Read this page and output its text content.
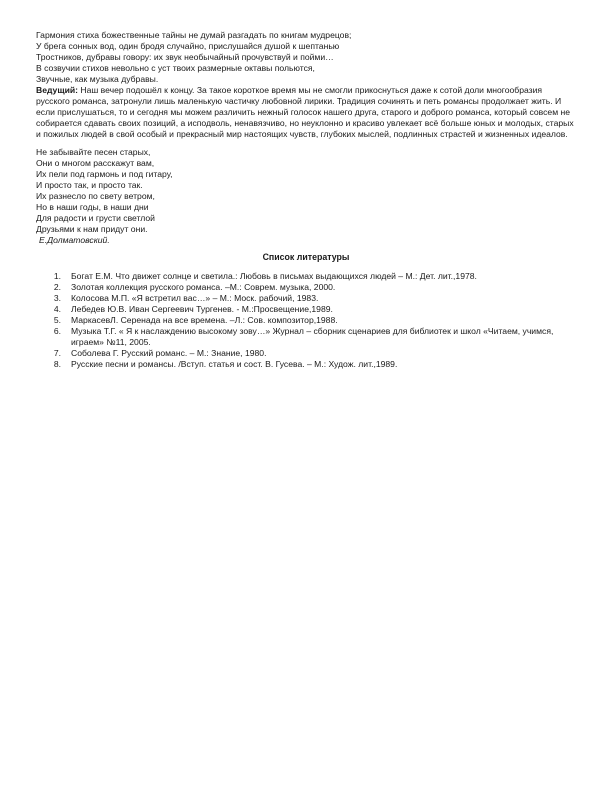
Гармония стиха божественные тайны не думай разгадать по книгам мудрецов;
У брега сонных вод, один бродя случайно, прислушайся душой к шептанью
Тростников, дубравы говору: их звук необычайный прочувствуй и пойми…
В созвучии стихов невольно с уст твоих размерные октавы польются,
Звучные, как музыка дубравы.
Ведущий: Наш вечер подошёл к концу. За такое короткое время мы не смогли прикоснуться даже к сотой доли многообразия русского романса, затронули лишь маленькую частичку любовной лирики. Традиция сочинять и петь романсы продолжает жить. И если прислушаться, то и сегодня мы можем различить нежный голосок нашего друга, старого и доброго романса, который совсем не собирается сдавать своих позиций, а исподволь, ненавязчиво, но неуклонно и красиво увлекает всё больше юных и молодых, старых и пожилых людей в свой особый и прекрасный мир настоящих чувств, глубоких мыслей, подлинных страстей и жизненных идеалов.
Не забывайте песен старых,
Они о многом расскажут вам,
Их пели под гармонь и под гитару,
И просто так, и просто так.
Их разнесло по свету ветром,
Но в наши годы, в наши дни
Для радости и грусти светлой
Друзьями к нам придут они.
Е.Долматовский.
Список литературы
1.	Богат Е.М. Что движет солнце и светила.: Любовь в письмах выдающихся людей – М.: Дет. лит.,1978.
2.	Золотая коллекция русского романса. –М.: Соврем. музыка, 2000.
3.	Колосова М.П. «Я встретил вас…» – М.: Моск. рабочий, 1983.
4.	Лебедев Ю.В. Иван Сергеевич Тургенев. - М.:Просвещение,1989.
5.	МаркасевЛ. Серенада на все времена. –Л.: Сов. композитор,1988.
6.	Музыка Т.Г. « Я к наслаждению высокому зову…» Журнал – сборник сценариев для библиотек и школ «Читаем, учимся, играем» №11, 2005.
7.	Соболева Г. Русский романс. – М.: Знание, 1980.
8.	Русские песни и романсы. /Вступ. статья и сост. В. Гусева. – М.: Худож. лит.,1989.
